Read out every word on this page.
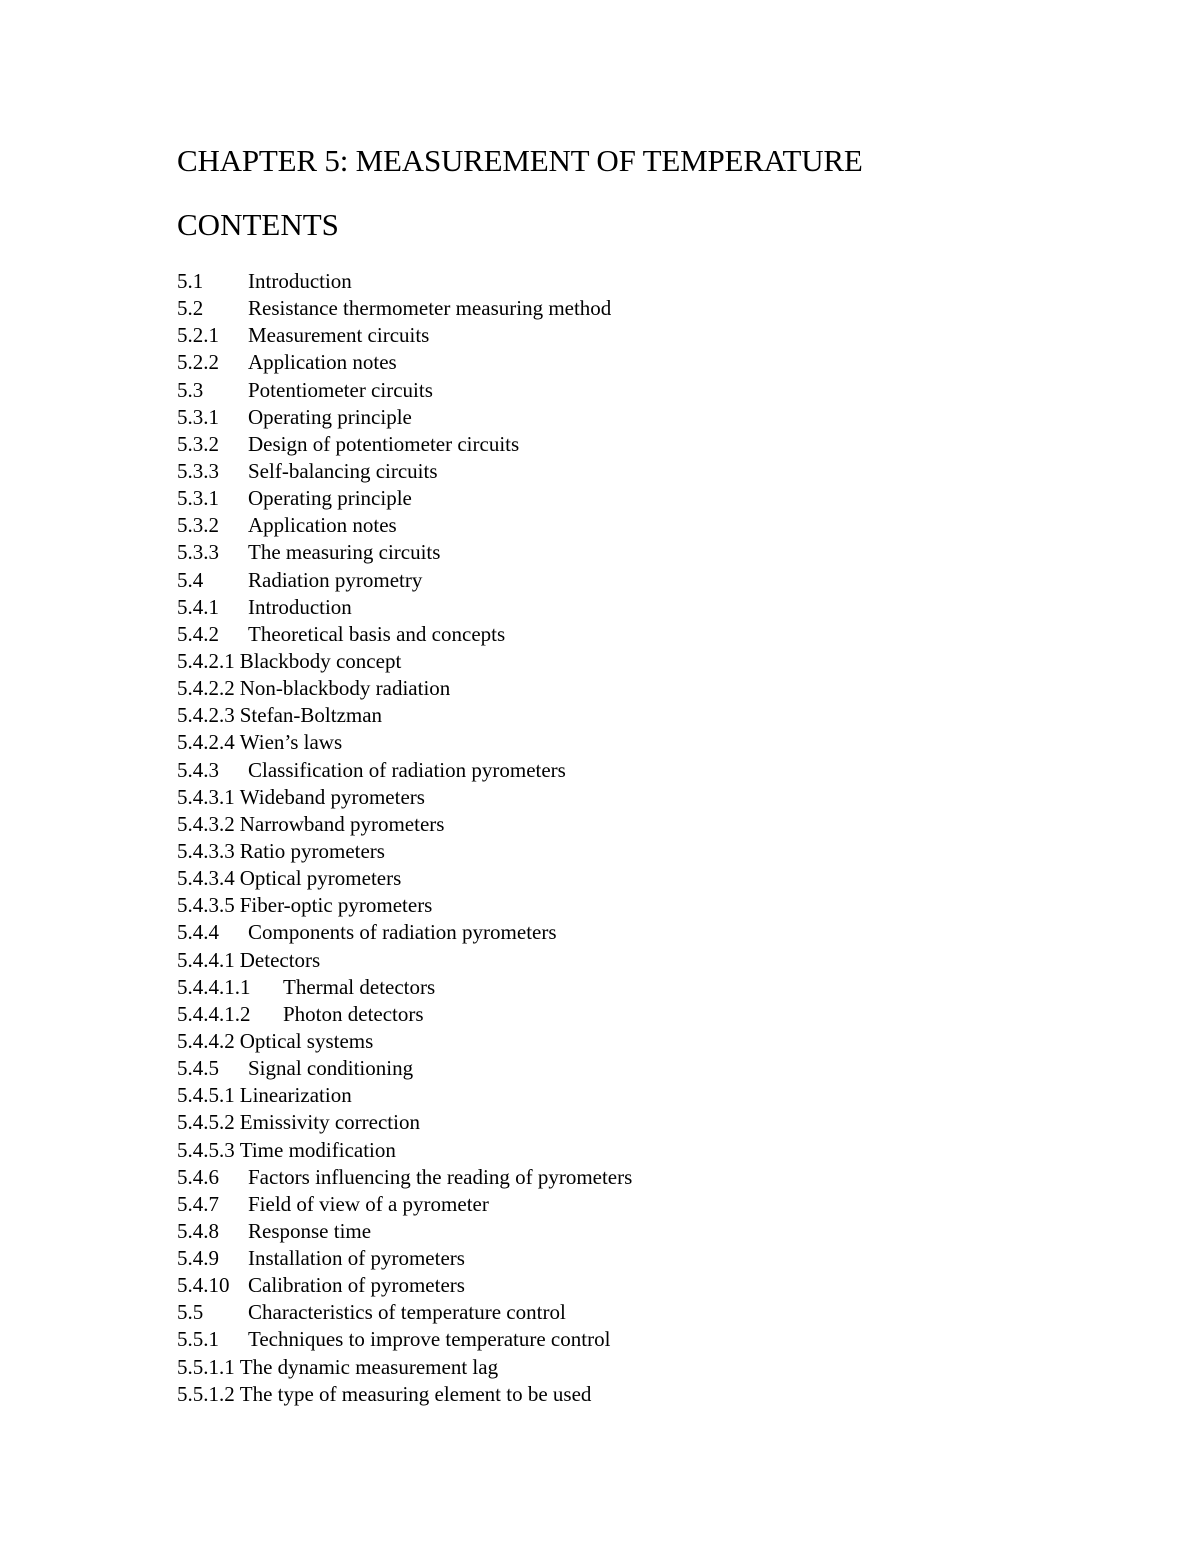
CHAPTER 5: MEASUREMENT OF TEMPERATURE
CONTENTS
5.1 Introduction
5.2 Resistance thermometer measuring method
5.2.1 Measurement circuits
5.2.2 Application notes
5.3 Potentiometer circuits
5.3.1 Operating principle
5.3.2 Design of potentiometer circuits
5.3.3 Self-balancing circuits
5.3.1 Operating principle
5.3.2 Application notes
5.3.3 The measuring circuits
5.4 Radiation pyrometry
5.4.1 Introduction
5.4.2 Theoretical basis and concepts
5.4.2.1 Blackbody concept
5.4.2.2 Non-blackbody radiation
5.4.2.3 Stefan-Boltzman
5.4.2.4 Wien’s laws
5.4.3 Classification of radiation pyrometers
5.4.3.1 Wideband pyrometers
5.4.3.2 Narrowband pyrometers
5.4.3.3 Ratio pyrometers
5.4.3.4 Optical pyrometers
5.4.3.5 Fiber-optic pyrometers
5.4.4 Components of radiation pyrometers
5.4.4.1 Detectors
5.4.4.1.1 Thermal detectors
5.4.4.1.2 Photon detectors
5.4.4.2 Optical systems
5.4.5 Signal conditioning
5.4.5.1 Linearization
5.4.5.2 Emissivity correction
5.4.5.3 Time modification
5.4.6 Factors influencing the reading of pyrometers
5.4.7 Field of view of a pyrometer
5.4.8 Response time
5.4.9 Installation of pyrometers
5.4.10 Calibration of pyrometers
5.5 Characteristics of temperature control
5.5.1 Techniques to improve temperature control
5.5.1.1 The dynamic measurement lag
5.5.1.2 The type of measuring element to be used
